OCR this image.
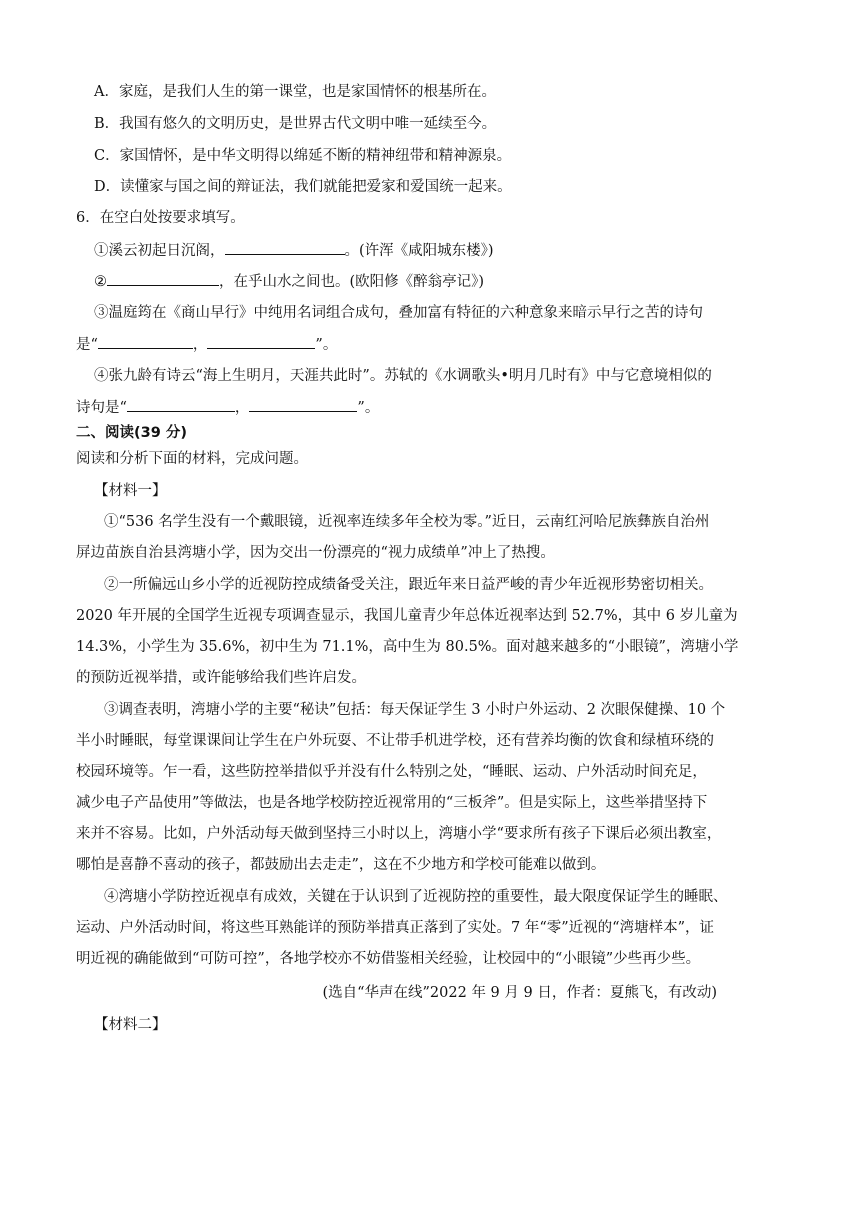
A．家庭，是我们人生的第一课堂，也是家国情怀的根基所在。
B．我国有悠久的文明历史，是世界古代文明中唯一延续至今。
C．家国情怀，是中华文明得以绵延不断的精神纽带和精神源泉。
D．读懂家与国之间的辩证法，我们就能把爱家和爱国统一起来。
6．在空白处按要求填写。
①溪云初起日沉阁，	。(许浑《咸阳城东楼》)
②	，在乎山水之间也。(欧阳修《醉翁亭记》)
③温庭筠在《商山早行》中纯用名词组合成句，叠加富有特征的六种意象来暗示早行之苦的诗句
是“	，	”。
④张九龄有诗云“海上生明月，天涯共此时”。苏轼的《水调歌头•明月几时有》中与它意境相似的
诗句是“	，	”。
二、阅读(39 分)
阅读和分析下面的材料，完成问题。
【材料一】
①“536 名学生没有一个戴眼镜，近视率连续多年全校为零。”近日，云南红河哈尼族彝族自治州
屏边苗族自治县湾塘小学，因为交出一份漂亮的“视力成绩单”冲上了热搜。
②一所偏远山乡小学的近视防控成绩备受关注，跟近年来日益严峻的青少年近视形势密切相关。
2020 年开展的全国学生近视专项调查显示，我国儿童青少年总体近视率达到 52.7%，其中 6 岁儿童为
14.3%，小学生为 35.6%，初中生为 71.1%，高中生为 80.5%。面对越来越多的“小眼镜”，湾塘小学
的预防近视举措，或许能够给我们些许启发。
③调查表明，湾塘小学的主要“秘诀”包括：每天保证学生 3 小时户外运动、2 次眼保健操、10 个
半小时睡眠，每堂课课间让学生在户外玩耍、不让带手机进学校，还有营养均衡的饮食和绿植环绕的
校园环境等。乍一看，这些防控举措似乎并没有什么特别之处，“睡眠、运动、户外活动时间充足，
减少电子产品使用”等做法，也是各地学校防控近视常用的“三板斧”。但是实际上，这些举措坚持下
来并不容易。比如，户外活动每天做到坚持三小时以上，湾塘小学“要求所有孩子下课后必须出教室，
哪怕是喜静不喜动的孩子，都鼓励出去走走”，这在不少地方和学校可能难以做到。
④湾塘小学防控近视卓有成效，关键在于认识到了近视防控的重要性，最大限度保证学生的睡眠、
运动、户外活动时间，将这些耳熟能详的预防举措真正落到了实处。7 年“零”近视的“湾塘样本”，证
明近视的确能做到“可防可控”，各地学校亦不妨借鉴相关经验，让校园中的“小眼镜”少些再少些。
(选自“华声在线”2022 年 9 月 9 日，作者：夏熊飞，有改动)
【材料二】
